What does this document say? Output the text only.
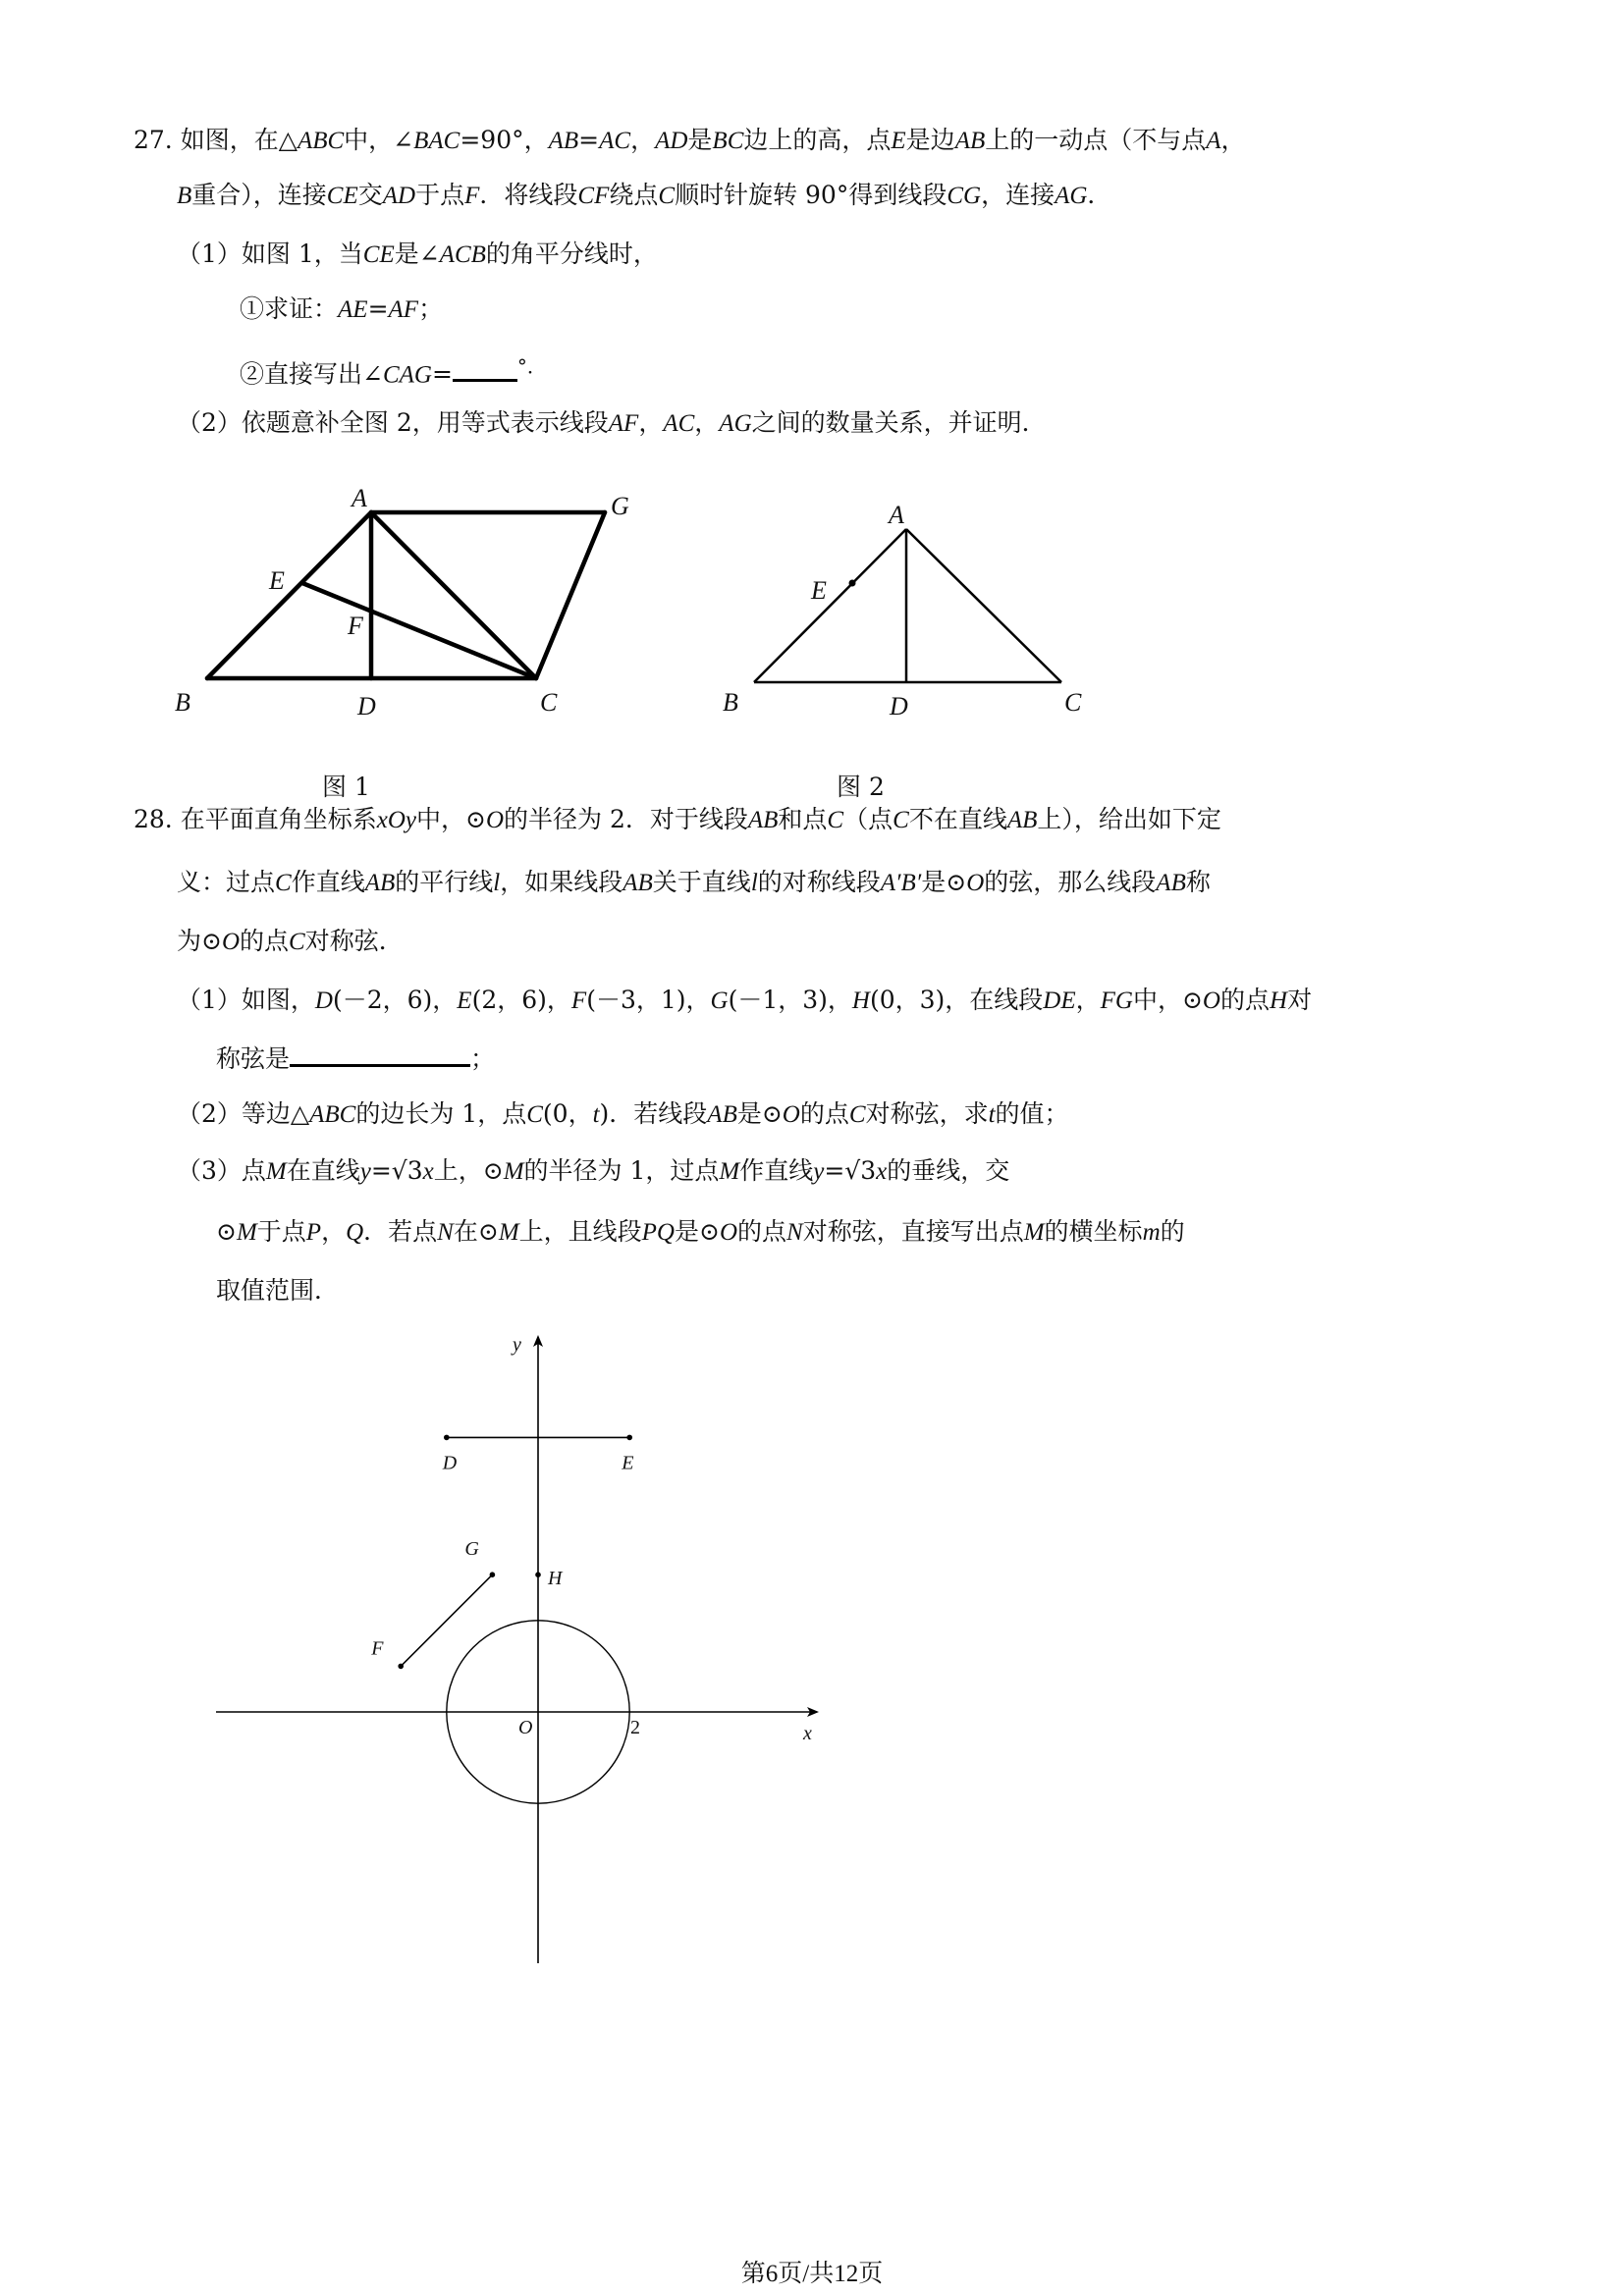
27. 如图，在△ABC中，∠BAC=90°，AB=AC，AD是BC边上的高，点E是边AB上的一动点（不与点A，
B重合），连接CE交AD于点F．将线段CF绕点C顺时针旋转 90°得到线段CG，连接AG．
（1）如图 1，当CE是∠ACB的角平分线时，
①求证：AE=AF；
②直接写出∠CAG=	°．
（2）依题意补全图 2，用等式表示线段AF，AC，AG之间的数量关系，并证明．
A	G
E
F
B	D	C
图 1
A
E
B	D	C
图 2
28. 在平面直角坐标系xOy中，⊙O的半径为 2．对于线段AB和点C（点C不在直线AB上），给出如下定
义：过点C作直线AB的平行线l，如果线段AB关于直线l的对称线段A′B′是⊙O的弦，那么线段AB称
为⊙O的点C对称弦．
（1）如图，D(－2，6)，E(2，6)，F(－3，1)，G(－1，3)，H(0，3)，在线段DE，FG中，⊙O的点H对
称弦是	；
（2）等边△ABC的边长为 1，点C(0，t)．若线段AB是⊙O的点C对称弦，求t的值；
（3）点M在直线y=√3x上，⊙M的半径为 1，过点M作直线y=√3x的垂线，交
⊙M于点P，Q．若点N在⊙M上，且线段PQ是⊙O的点N对称弦，直接写出点M的横坐标m的
取值范围．
D	E
F
G
H
x
y
O	2
第6页/共12页
